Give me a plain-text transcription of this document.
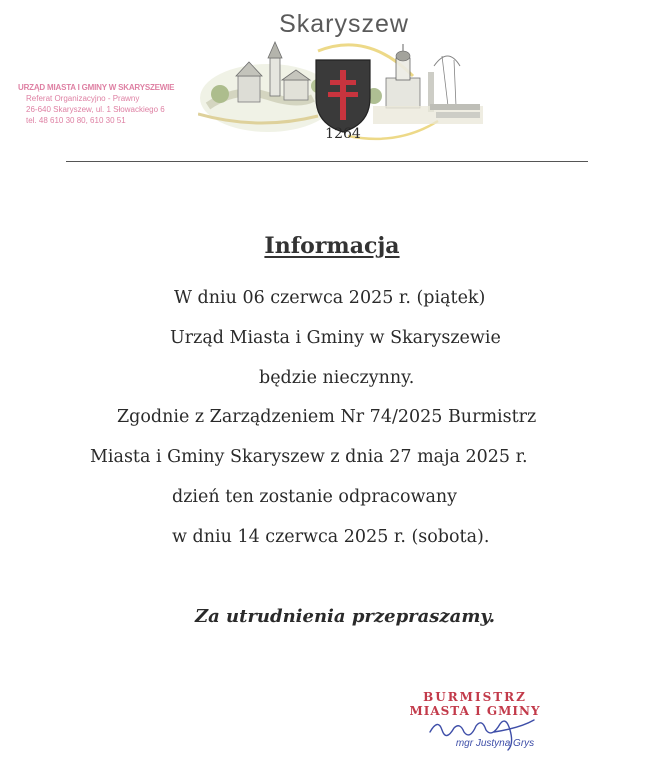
URZĄD MIASTA I GMINY W SKARYSZEWIE
Referat Organizacyjno - Prawny
26-640 Skaryszew, ul. 1 Słowackiego 6
tel. 48 610 30 80, 610 30 51
Skaryszew
1264
Informacja
W dniu 06 czerwca 2025 r. (piątek)
Urząd Miasta i Gminy w Skaryszewie
będzie nieczynny.
Zgodnie z Zarządzeniem Nr 74/2025 Burmistrz
Miasta i Gminy Skaryszew z dnia 27 maja 2025 r.
dzień ten zostanie odpracowany
w dniu 14 czerwca 2025 r. (sobota).
Za utrudnienia przepraszamy.
BURMISTRZ
MIASTA I GMINY
mgr Justyna Grys
